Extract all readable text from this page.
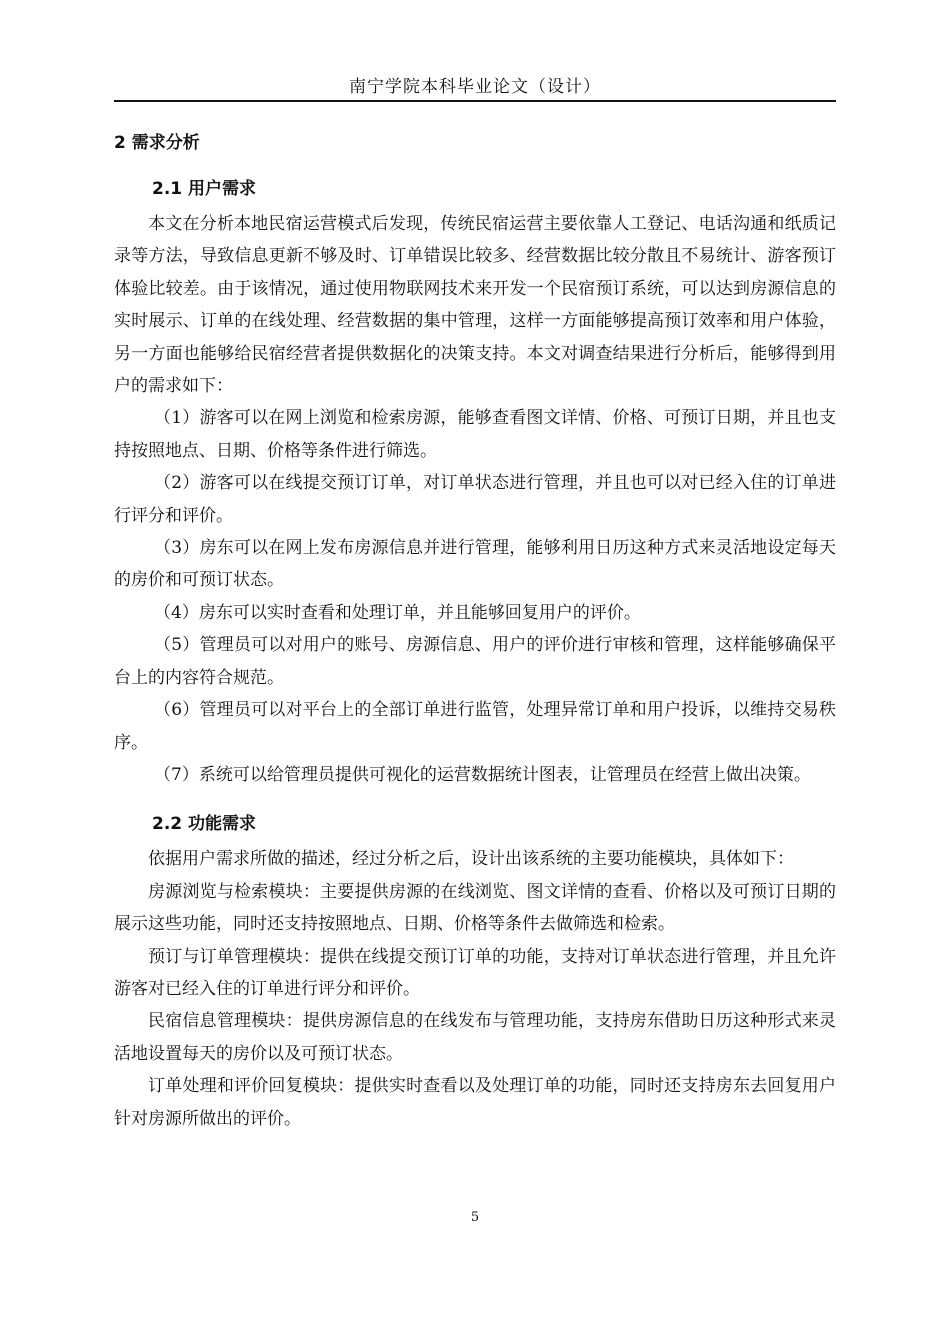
南宁学院本科毕业论文（设计）
2 需求分析
2.1 用户需求

本文在分析本地民宿运营模式后发现，传统民宿运营主要依靠人工登记、电话沟通和纸质记录等方法，导致信息更新不够及时、订单错误比较多、经营数据比较分散且不易统计、游客预订体验比较差。由于该情况，通过使用物联网技术来开发一个民宿预订系统，可以达到房源信息的实时展示、订单的在线处理、经营数据的集中管理，这样一方面能够提高预订效率和用户体验，另一方面也能够给民宿经营者提供数据化的决策支持。本文对调查结果进行分析后，能够得到用户的需求如下：

（1）游客可以在网上浏览和检索房源，能够查看图文详情、价格、可预订日期，并且也支持按照地点、日期、价格等条件进行筛选。

（2）游客可以在线提交预订订单，对订单状态进行管理，并且也可以对已经入住的订单进行评分和评价。

（3）房东可以在网上发布房源信息并进行管理，能够利用日历这种方式来灵活地设定每天的房价和可预订状态。

（4）房东可以实时查看和处理订单，并且能够回复用户的评价。

（5）管理员可以对用户的账号、房源信息、用户的评价进行审核和管理，这样能够确保平台上的内容符合规范。

（6）管理员可以对平台上的全部订单进行监管，处理异常订单和用户投诉，以维持交易秩序。

（7）系统可以给管理员提供可视化的运营数据统计图表，让管理员在经营上做出决策。

2.2 功能需求

依据用户需求所做的描述，经过分析之后，设计出该系统的主要功能模块，具体如下：

房源浏览与检索模块：主要提供房源的在线浏览、图文详情的查看、价格以及可预订日期的展示这些功能，同时还支持按照地点、日期、价格等条件去做筛选和检索。

预订与订单管理模块：提供在线提交预订订单的功能，支持对订单状态进行管理，并且允许游客对已经入住的订单进行评分和评价。

民宿信息管理模块：提供房源信息的在线发布与管理功能，支持房东借助日历这种形式来灵活地设置每天的房价以及可预订状态。

订单处理和评价回复模块：提供实时查看以及处理订单的功能，同时还支持房东去回复用户针对房源所做出的评价。

5
